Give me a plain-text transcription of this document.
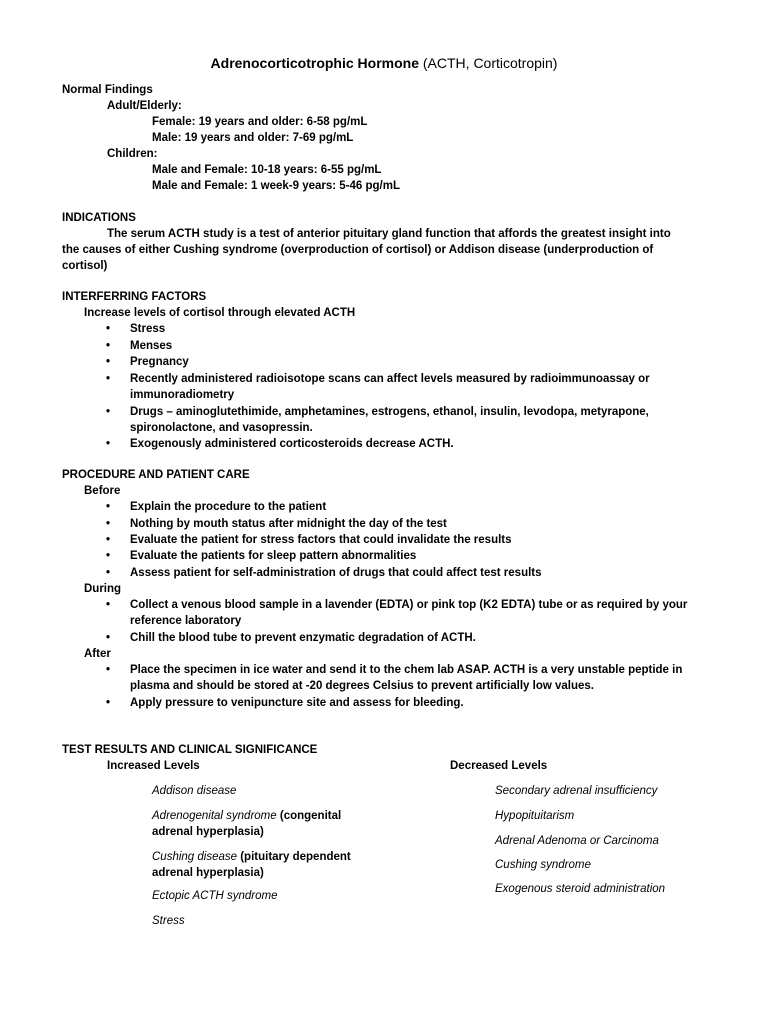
Adrenocorticotrophic Hormone (ACTH, Corticotropin)
Normal Findings
Adult/Elderly:
Female: 19 years and older: 6-58 pg/mL
Male: 19 years and older: 7-69 pg/mL
Children:
Male and Female: 10-18 years: 6-55 pg/mL
Male and Female: 1 week-9 years: 5-46 pg/mL
INDICATIONS
The serum ACTH study is a test of anterior pituitary gland function that affords the greatest insight into
the causes of either Cushing syndrome (overproduction of cortisol) or Addison disease (underproduction of
cortisol)
INTERFERRING FACTORS
Increase levels of cortisol through elevated ACTH
• Stress
• Menses
• Pregnancy
• Recently administered radioisotope scans can affect levels measured by radioimmunoassay or immunoradiometry
• Drugs – aminoglutethimide, amphetamines, estrogens, ethanol, insulin, levodopa, metyrapone, spironolactone, and vasopressin.
• Exogenously administered corticosteroids decrease ACTH.
PROCEDURE AND PATIENT CARE
Before
• Explain the procedure to the patient
• Nothing by mouth status after midnight the day of the test
• Evaluate the patient for stress factors that could invalidate the results
• Evaluate the patients for sleep pattern abnormalities
• Assess patient for self-administration of drugs that could affect test results
During
• Collect a venous blood sample in a lavender (EDTA) or pink top (K2 EDTA) tube or as required by your reference laboratory
• Chill the blood tube to prevent enzymatic degradation of ACTH.
After
• Place the specimen in ice water and send it to the chem lab ASAP. ACTH is a very unstable peptide in plasma and should be stored at -20 degrees Celsius to prevent artificially low values.
• Apply pressure to venipuncture site and assess for bleeding.
TEST RESULTS AND CLINICAL SIGNIFICANCE
Increased Levels	Decreased Levels
Addison disease
Adrenogenital syndrome (congenital adrenal hyperplasia)
Cushing disease (pituitary dependent adrenal hyperplasia)
Ectopic ACTH syndrome
Stress
Secondary adrenal insufficiency
Hypopituitarism
Adrenal Adenoma or Carcinoma
Cushing syndrome
Exogenous steroid administration
